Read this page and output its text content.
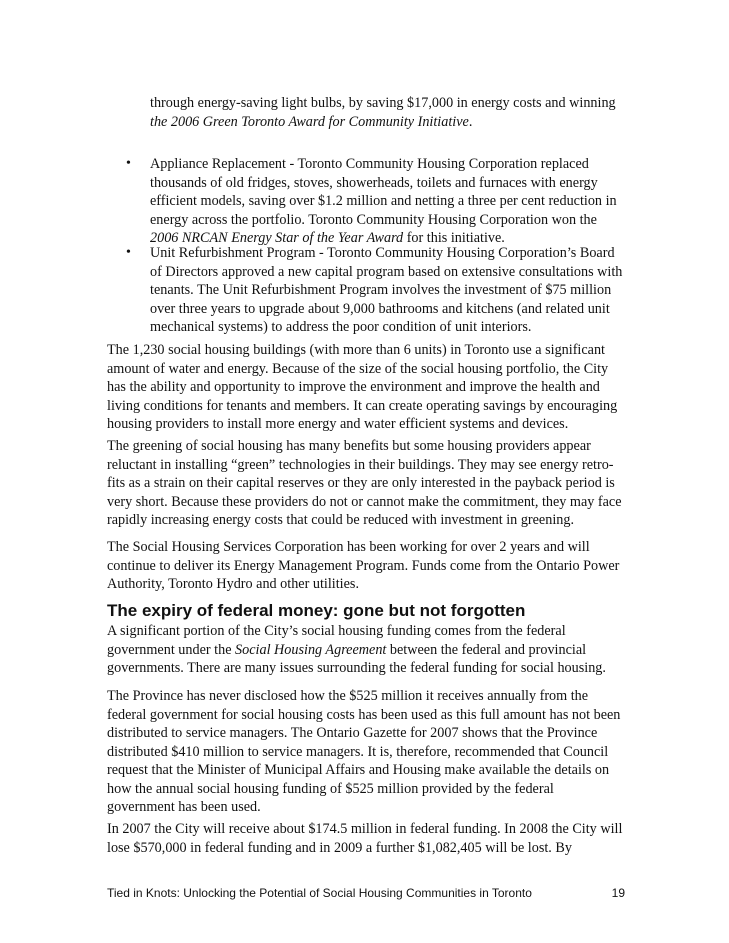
through energy-saving light bulbs, by saving $17,000 in energy costs and winning the 2006 Green Toronto Award for Community Initiative.

• Appliance Replacement - Toronto Community Housing Corporation replaced thousands of old fridges, stoves, showerheads, toilets and furnaces with energy efficient models, saving over $1.2 million and netting a three per cent reduction in energy across the portfolio. Toronto Community Housing Corporation won the 2006 NRCAN Energy Star of the Year Award for this initiative.

• Unit Refurbishment Program - Toronto Community Housing Corporation’s Board of Directors approved a new capital program based on extensive consultations with tenants. The Unit Refurbishment Program involves the investment of $75 million over three years to upgrade about 9,000 bathrooms and kitchens (and related unit mechanical systems) to address the poor condition of unit interiors.

The 1,230 social housing buildings (with more than 6 units) in Toronto use a significant amount of water and energy. Because of the size of the social housing portfolio, the City has the ability and opportunity to improve the environment and improve the health and living conditions for tenants and members. It can create operating savings by encouraging housing providers to install more energy and water efficient systems and devices.

The greening of social housing has many benefits but some housing providers appear reluctant in installing “green” technologies in their buildings. They may see energy retro-fits as a strain on their capital reserves or they are only interested in the payback period is very short. Because these providers do not or cannot make the commitment, they may face rapidly increasing energy costs that could be reduced with investment in greening.

The Social Housing Services Corporation has been working for over 2 years and will continue to deliver its Energy Management Program. Funds come from the Ontario Power Authority, Toronto Hydro and other utilities.

The expiry of federal money: gone but not forgotten

A significant portion of the City’s social housing funding comes from the federal government under the Social Housing Agreement between the federal and provincial governments. There are many issues surrounding the federal funding for social housing.

The Province has never disclosed how the $525 million it receives annually from the federal government for social housing costs has been used as this full amount has not been distributed to service managers. The Ontario Gazette for 2007 shows that the Province distributed $410 million to service managers. It is, therefore, recommended that Council request that the Minister of Municipal Affairs and Housing make available the details on how the annual social housing funding of $525 million provided by the federal government has been used.

In 2007 the City will receive about $174.5 million in federal funding. In 2008 the City will lose $570,000 in federal funding and in 2009 a further $1,082,405 will be lost. By

Tied in Knots: Unlocking the Potential of Social Housing Communities in Toronto	19
